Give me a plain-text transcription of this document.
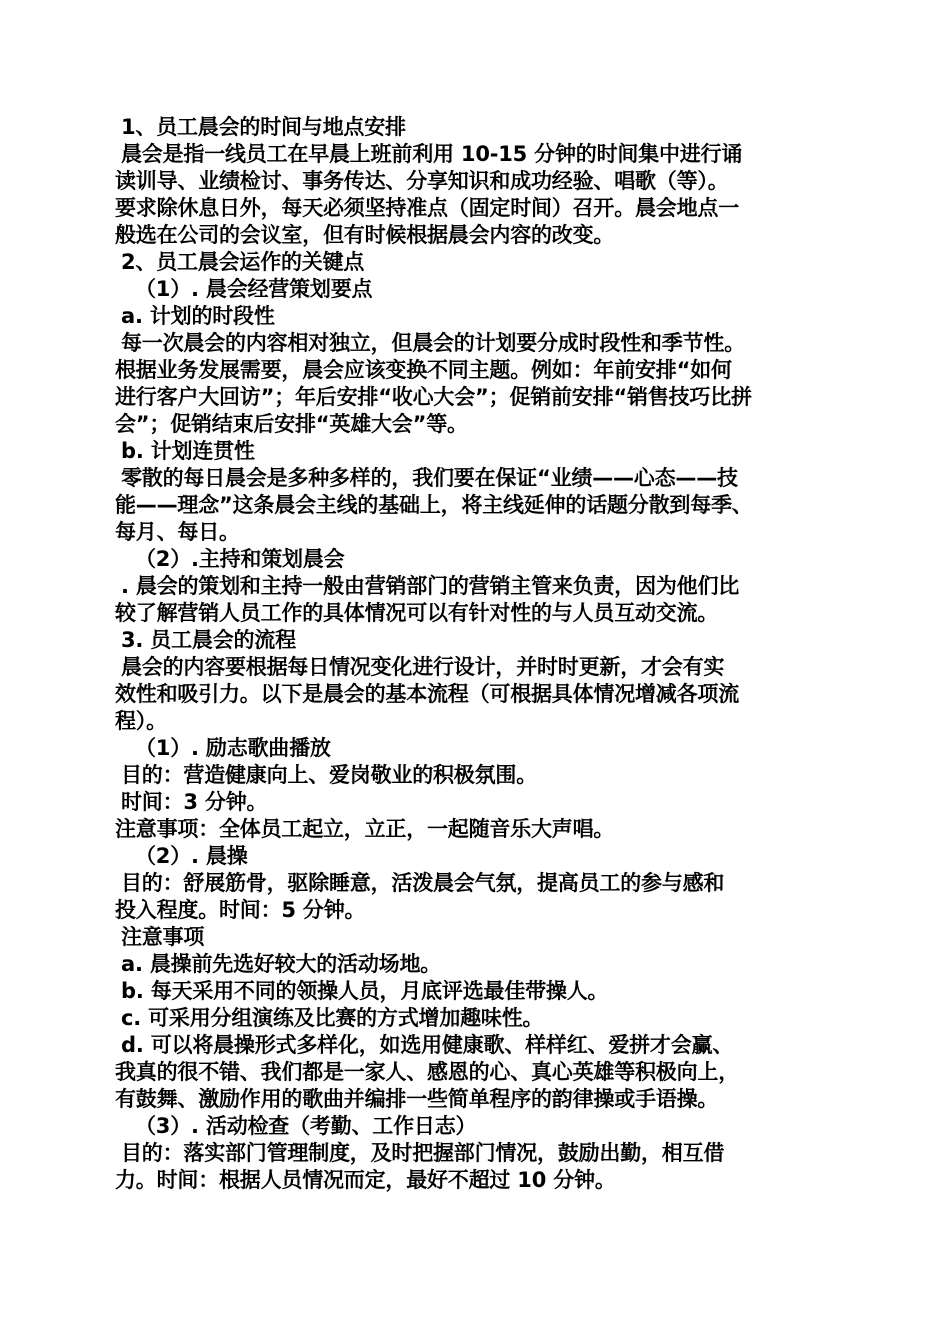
1、员工晨会的时间与地点安排
晨会是指一线员工在早晨上班前利用 10-15 分钟的时间集中进行诵
读训导、业绩检讨、事务传达、分享知识和成功经验、唱歌（等）。
要求除休息日外，每天必须坚持准点（固定时间）召开。晨会地点一
般选在公司的会议室，但有时候根据晨会内容的改变。
2、员工晨会运作的关键点
（1）. 晨会经营策划要点
a. 计划的时段性
每一次晨会的内容相对独立，但晨会的计划要分成时段性和季节性。
根据业务发展需要，晨会应该变换不同主题。例如：年前安排“如何
进行客户大回访”；年后安排“收心大会”；促销前安排“销售技巧比拼
会”；促销结束后安排“英雄大会”等。
b. 计划连贯性
零散的每日晨会是多种多样的，我们要在保证“业绩——心态——技
能——理念”这条晨会主线的基础上，将主线延伸的话题分散到每季、
每月、每日。
（2）.主持和策划晨会
. 晨会的策划和主持一般由营销部门的营销主管来负责，因为他们比
较了解营销人员工作的具体情况可以有针对性的与人员互动交流。
3. 员工晨会的流程
晨会的内容要根据每日情况变化进行设计，并时时更新，才会有实
效性和吸引力。以下是晨会的基本流程（可根据具体情况增减各项流
程）。
（1）. 励志歌曲播放
目的：营造健康向上、爱岗敬业的积极氛围。
时间：3 分钟。
注意事项：全体员工起立，立正，一起随音乐大声唱。
（2）. 晨操
目的：舒展筋骨，驱除睡意，活泼晨会气氛，提高员工的参与感和
投入程度。时间：5 分钟。
注意事项
a. 晨操前先选好较大的活动场地。
b. 每天采用不同的领操人员，月底评选最佳带操人。
c. 可采用分组演练及比赛的方式增加趣味性。
d. 可以将晨操形式多样化，如选用健康歌、样样红、爱拼才会赢、
我真的很不错、我们都是一家人、感恩的心、真心英雄等积极向上，
有鼓舞、激励作用的歌曲并编排一些简单程序的韵律操或手语操。
（3）. 活动检查（考勤、工作日志）
目的：落实部门管理制度，及时把握部门情况，鼓励出勤，相互借
力。时间：根据人员情况而定，最好不超过 10 分钟。
